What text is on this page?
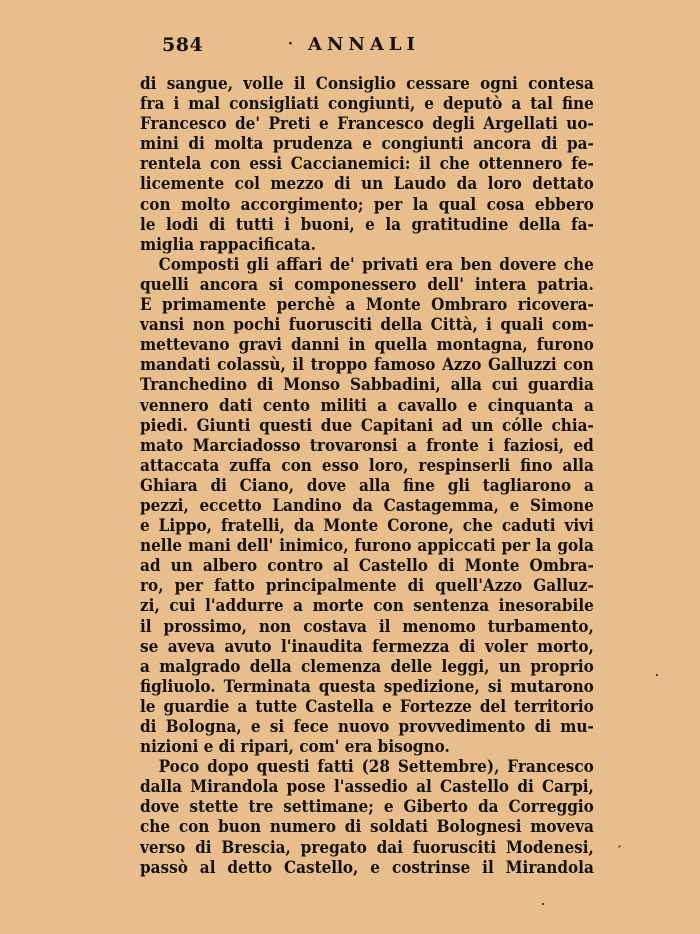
584	· ANNALI
di sangue, volle il Consiglio cessare ogni contesa
fra i mal consigliati congiunti, e deputò a tal fine
Francesco de' Preti e Francesco degli Argellati uo-
mini di molta prudenza e congiunti ancora di pa-
rentela con essi Caccianemici: il che ottennero fe-
licemente col mezzo di un Laudo da loro dettato
con molto accorgimento; per la qual cosa ebbero
le lodi di tutti i buoni, e la gratitudine della fa-
miglia rappacificata.
Composti gli affari de' privati era ben dovere che
quelli ancora si componessero dell' intera patria.
E primamente perchè a Monte Ombraro ricovera-
vansi non pochi fuorusciti della Città, i quali com-
mettevano gravi danni in quella montagna, furono
mandati colassù, il troppo famoso Azzo Galluzzi con
Tranchedino di Monso Sabbadini, alla cui guardia
vennero dati cento militi a cavallo e cinquanta a
piedi. Giunti questi due Capitani ad un cólle chia-
mato Marciadosso trovaronsi a fronte i faziosi, ed
attaccata zuffa con esso loro, respinserli fino alla
Ghiara di Ciano, dove alla fine gli tagliarono a
pezzi, eccetto Landino da Castagemma, e Simone
e Lippo, fratelli, da Monte Corone, che caduti vivi
nelle mani dell' inimico, furono appiccati per la gola
ad un albero contro al Castello di Monte Ombra-
ro, per fatto principalmente di quell'Azzo Galluz-
zi, cui l'addurre a morte con sentenza inesorabile
il prossimo, non costava il menomo turbamento,
se aveva avuto l'inaudita fermezza di voler morto,
a malgrado della clemenza delle leggi, un proprio
figliuolo. Terminata questa spedizione, si mutarono
le guardie a tutte Castella e Fortezze del territorio
di Bologna, e si fece nuovo provvedimento di mu-
nizioni e di ripari, com' era bisogno.
Poco dopo questi fatti (28 Settembre), Francesco
dalla Mirandola pose l'assedio al Castello di Carpi,
dove stette tre settimane; e Giberto da Correggio
che con buon numero di soldati Bolognesi moveva
verso di Brescia, pregato dai fuorusciti Modenesi,
passò al detto Castello, e costrinse il Mirandola
